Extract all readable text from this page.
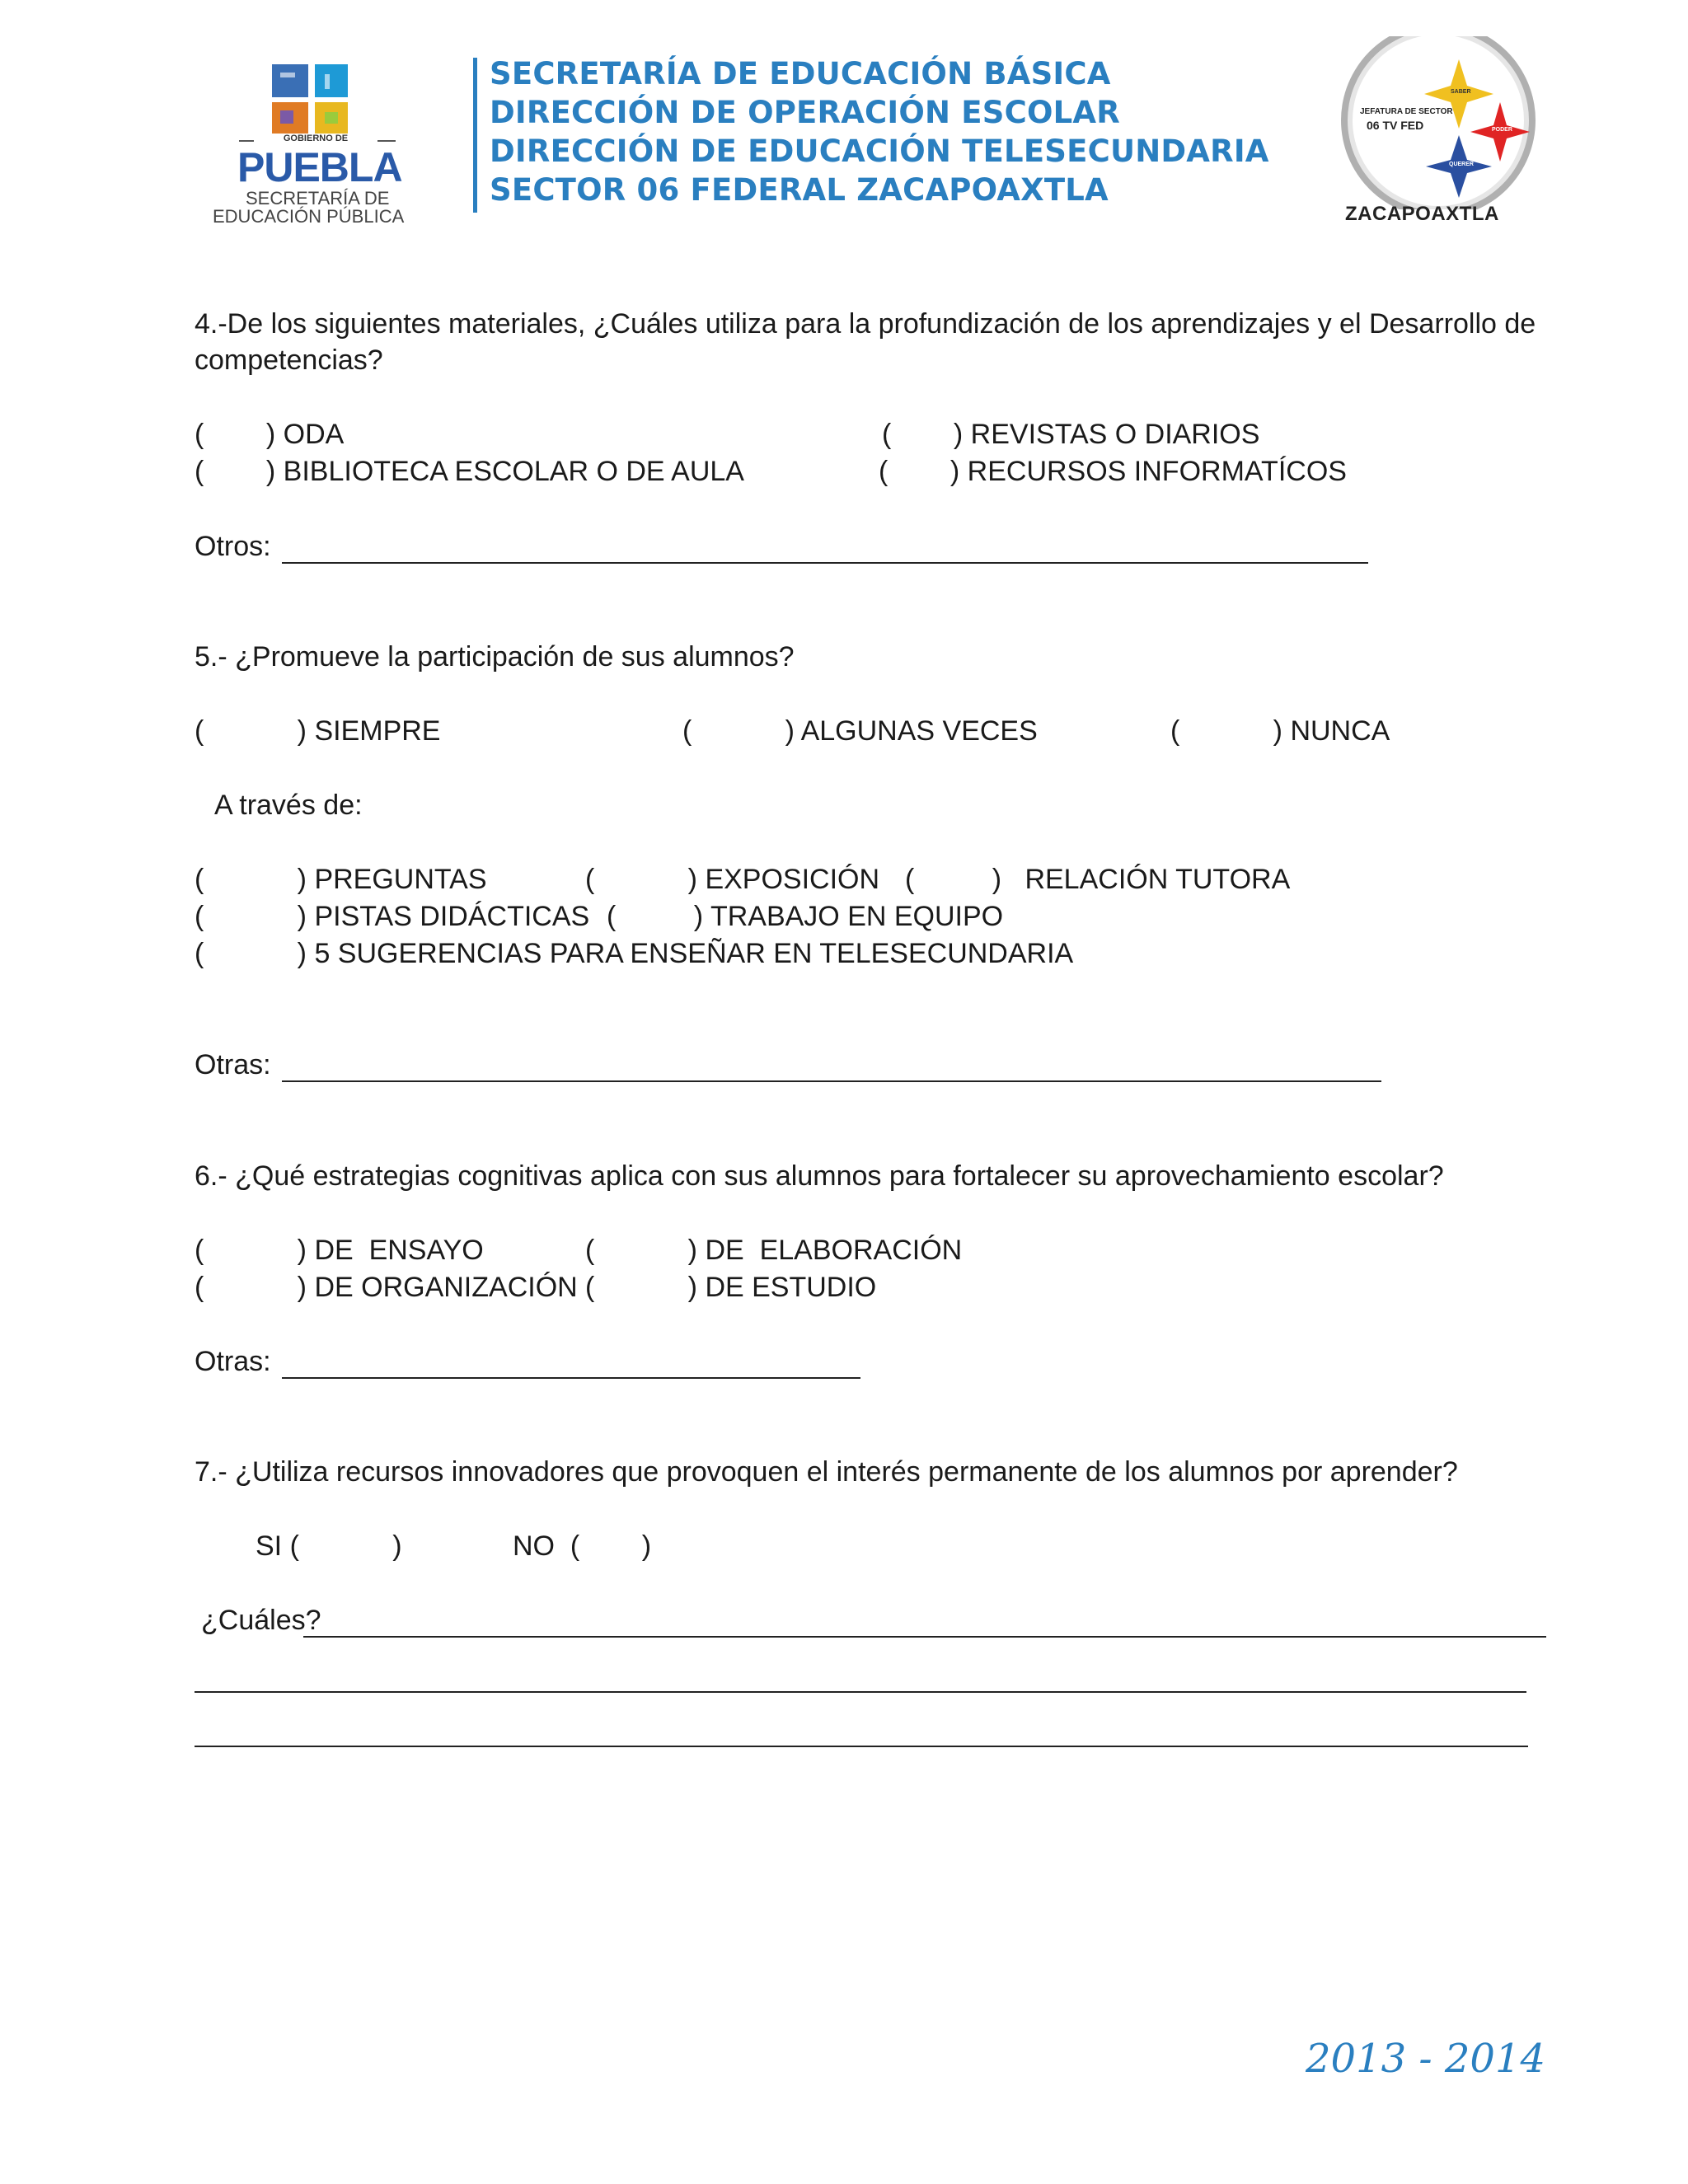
GOBIERNO DE
PUEBLA
SECRETARÍA DE
EDUCACIÓN PÚBLICA
SECRETARÍA DE EDUCACIÓN BÁSICA
DIRECCIÓN DE OPERACIÓN ESCOLAR
DIRECCIÓN DE EDUCACIÓN TELESECUNDARIA
SECTOR 06 FEDERAL ZACAPOAXTLA
JEFATURA DE SECTOR
06 TV FED
SABER
PODER
QUERER
ZACAPOAXTLA
4.-De los siguientes materiales, ¿Cuáles utiliza para la profundización de los aprendizajes y el Desarrollo de
competencias?
(        ) ODA	(        ) REVISTAS O DIARIOS
(        ) BIBLIOTECA ESCOLAR O DE AULA	(        ) RECURSOS INFORMATÍCOS
Otros:
5.- ¿Promueve la participación de sus alumnos?
(            ) SIEMPRE	(            ) ALGUNAS VECES	(            ) NUNCA
A través de:
(            ) PREGUNTAS	(            ) EXPOSICIÓN (          )   RELACIÓN TUTORA
(            ) PISTAS DIDÁCTICAS (          ) TRABAJO EN EQUIPO
(            ) 5 SUGERENCIAS PARA ENSEÑAR EN TELESECUNDARIA
Otras:
6.- ¿Qué estrategias cognitivas aplica con sus alumnos para fortalecer su aprovechamiento escolar?
(            ) DE  ENSAYO	(            ) DE  ELABORACIÓN
(            ) DE ORGANIZACIÓN (            ) DE ESTUDIO
Otras:
7.- ¿Utiliza recursos innovadores que provoquen el interés permanente de los alumnos por aprender?
SI (            )	NO  (        )
¿Cuáles?
2013 - 2014
